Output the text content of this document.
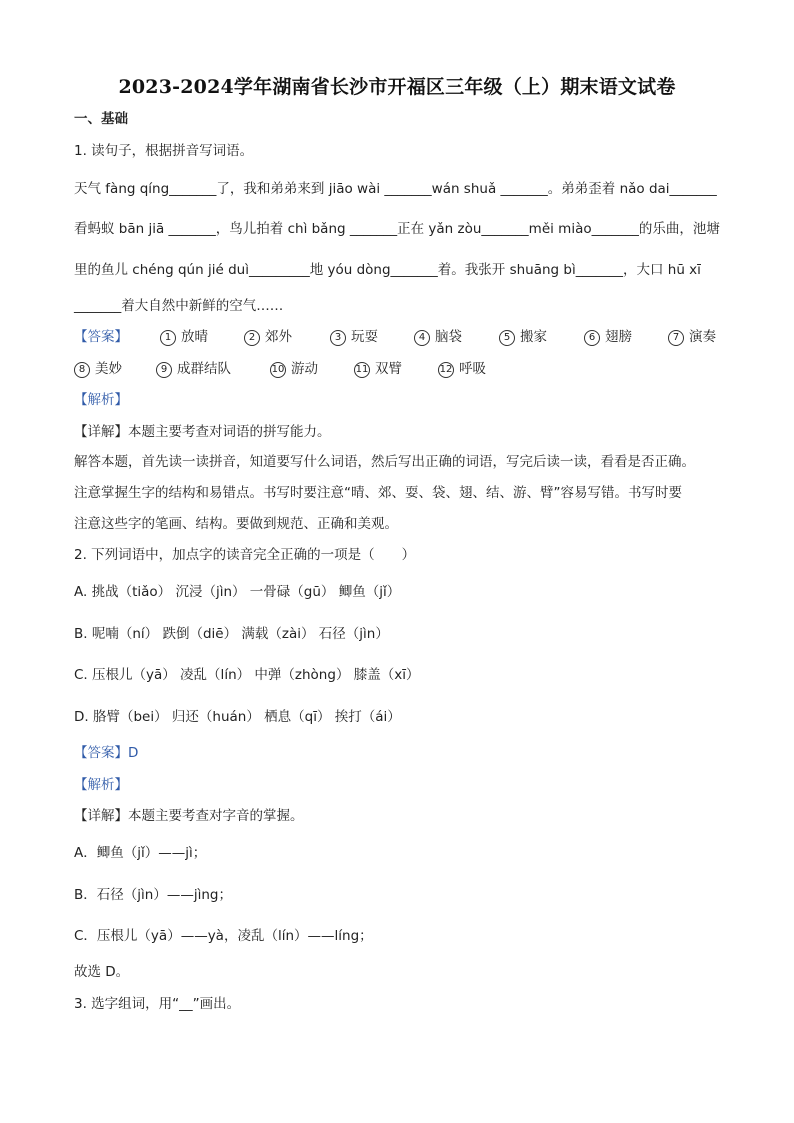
2023-2024学年湖南省长沙市开福区三年级（上）期末语文试卷
一、基础
1. 读句子，根据拼音写词语。
天气 fàng qíng_______了，我和弟弟来到 jiāo wài _______wán shuǎ _______。弟弟歪着 nǎo dai_______
看蚂蚁 bān jiā _______，鸟儿拍着 chì bǎng _______正在 yǎn zòu_______měi miào_______的乐曲，池塘
里的鱼儿 chéng qún jié duì_________地 yóu dòng_______着。我张开 shuāng bì_______，大口 hū xī
_______着大自然中新鲜的空气……
【答案】	1 放晴	2 郊外	3 玩耍	4 脑袋	5 搬家	6 翅膀	7 演奏
8 美妙	9 成群结队	10 游动	11 双臂	12 呼吸
【解析】
【详解】本题主要考查对词语的拼写能力。
解答本题，首先读一读拼音，知道要写什么词语，然后写出正确的词语，写完后读一读，看看是否正确。
注意掌握生字的结构和易错点。书写时要注意“晴、郊、耍、袋、翅、结、游、臂”容易写错。书写时要
注意这些字的笔画、结构。要做到规范、正确和美观。
2. 下列词语中，加点字的读音完全正确的一项是（　　）
A. 挑战（tiǎo） 沉浸（jìn） 一骨碌（gū） 鲫鱼（jǐ）
B. 呢喃（ní） 跌倒（diē） 满载（zài） 石径（jìn）
C. 压根儿（yā） 凌乱（lín） 中弹（zhòng） 膝盖（xī）
D. 胳臂（bei） 归还（huán） 栖息（qī） 挨打（ái）
【答案】D
【解析】
【详解】本题主要考查对字音的掌握。
A．鲫鱼（jǐ）——jì；
B．石径（jìn）——jìng；
C．压根儿（yā）——yà，凌乱（lín）——líng；
故选 D。
3. 选字组词，用“__”画出。
